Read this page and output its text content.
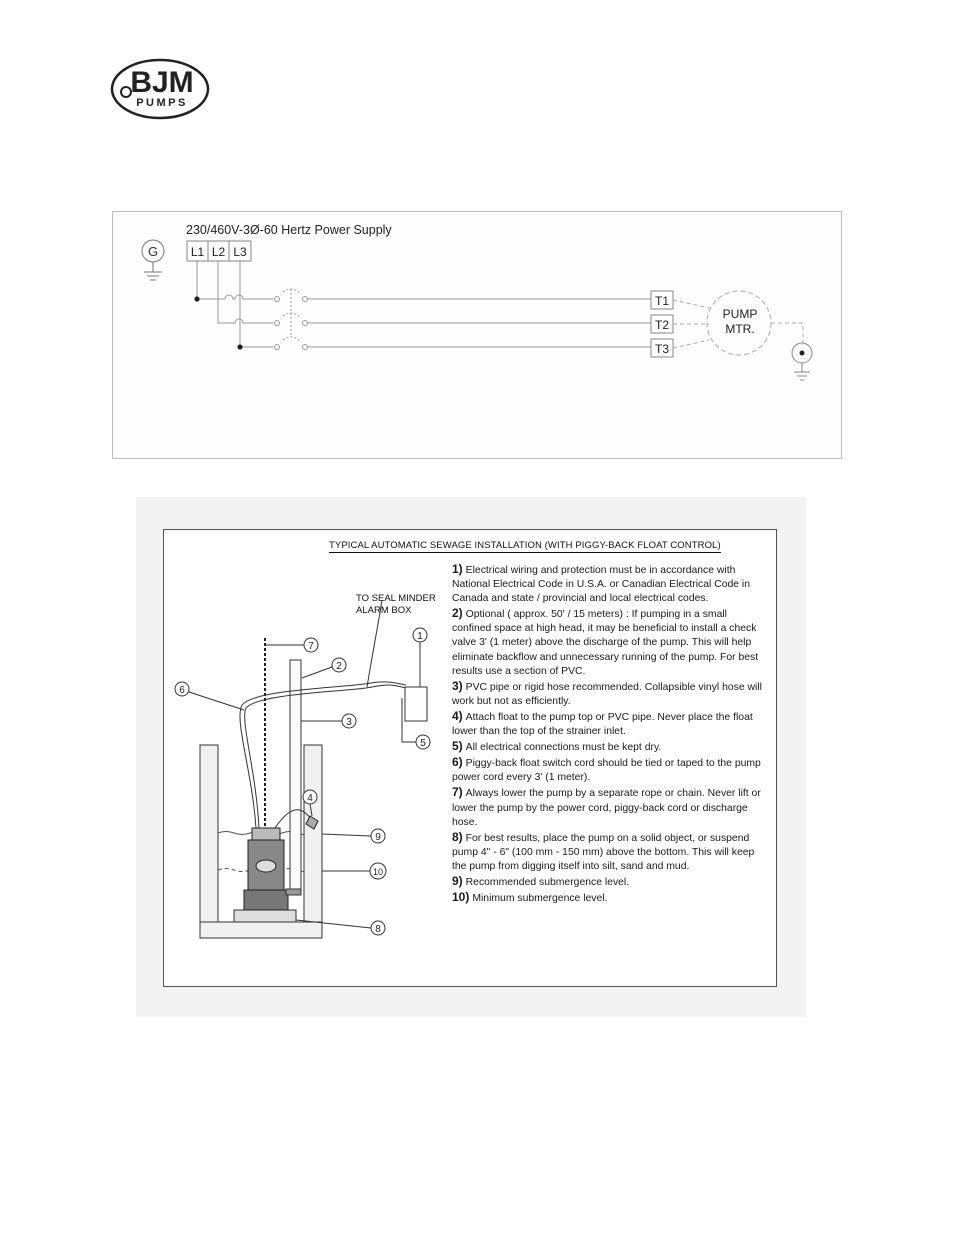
BJM
PUMPS
230/460V-3Ø-60 Hertz Power Supply
G	L1 L2 L3
T1
T2
T3
PUMP
MTR.
TYPICAL AUTOMATIC SEWAGE INSTALLATION (WITH PIGGY-BACK FLOAT CONTROL)
TO SEAL MINDER ALARM BOX
1
2
3
4
5
6
7
8
9
10
1) Electrical wiring and protection must be in accordance with National Electrical Code in U.S.A. or Canadian Electrical Code in Canada and state / provincial and local electrical codes.
2) Optional ( approx. 50' / 15 meters) : If pumping in a small confined space at high head, it may be beneficial to install a check valve 3' (1 meter) above the discharge of the pump. This will help eliminate backflow and unnecessary running of the pump. For best results use a section of PVC.
3) PVC pipe or rigid hose recommended. Collapsible vinyl hose will work but not as efficiently.
4) Attach float to the pump top or PVC pipe. Never place the float lower than the top of the strainer inlet.
5) All electrical connections must be kept dry.
6) Piggy-back float switch cord should be tied or taped to the pump power cord every 3' (1 meter).
7) Always lower the pump by a separate rope or chain. Never lift or lower the pump by the power cord, piggy-back cord or discharge hose.
8) For best results, place the pump on a solid object, or suspend pump 4" - 6" (100 mm - 150 mm) above the bottom. This will keep the pump from digging itself into silt, sand and mud.
9) Recommended submergence level.
10) Minimum submergence level.
